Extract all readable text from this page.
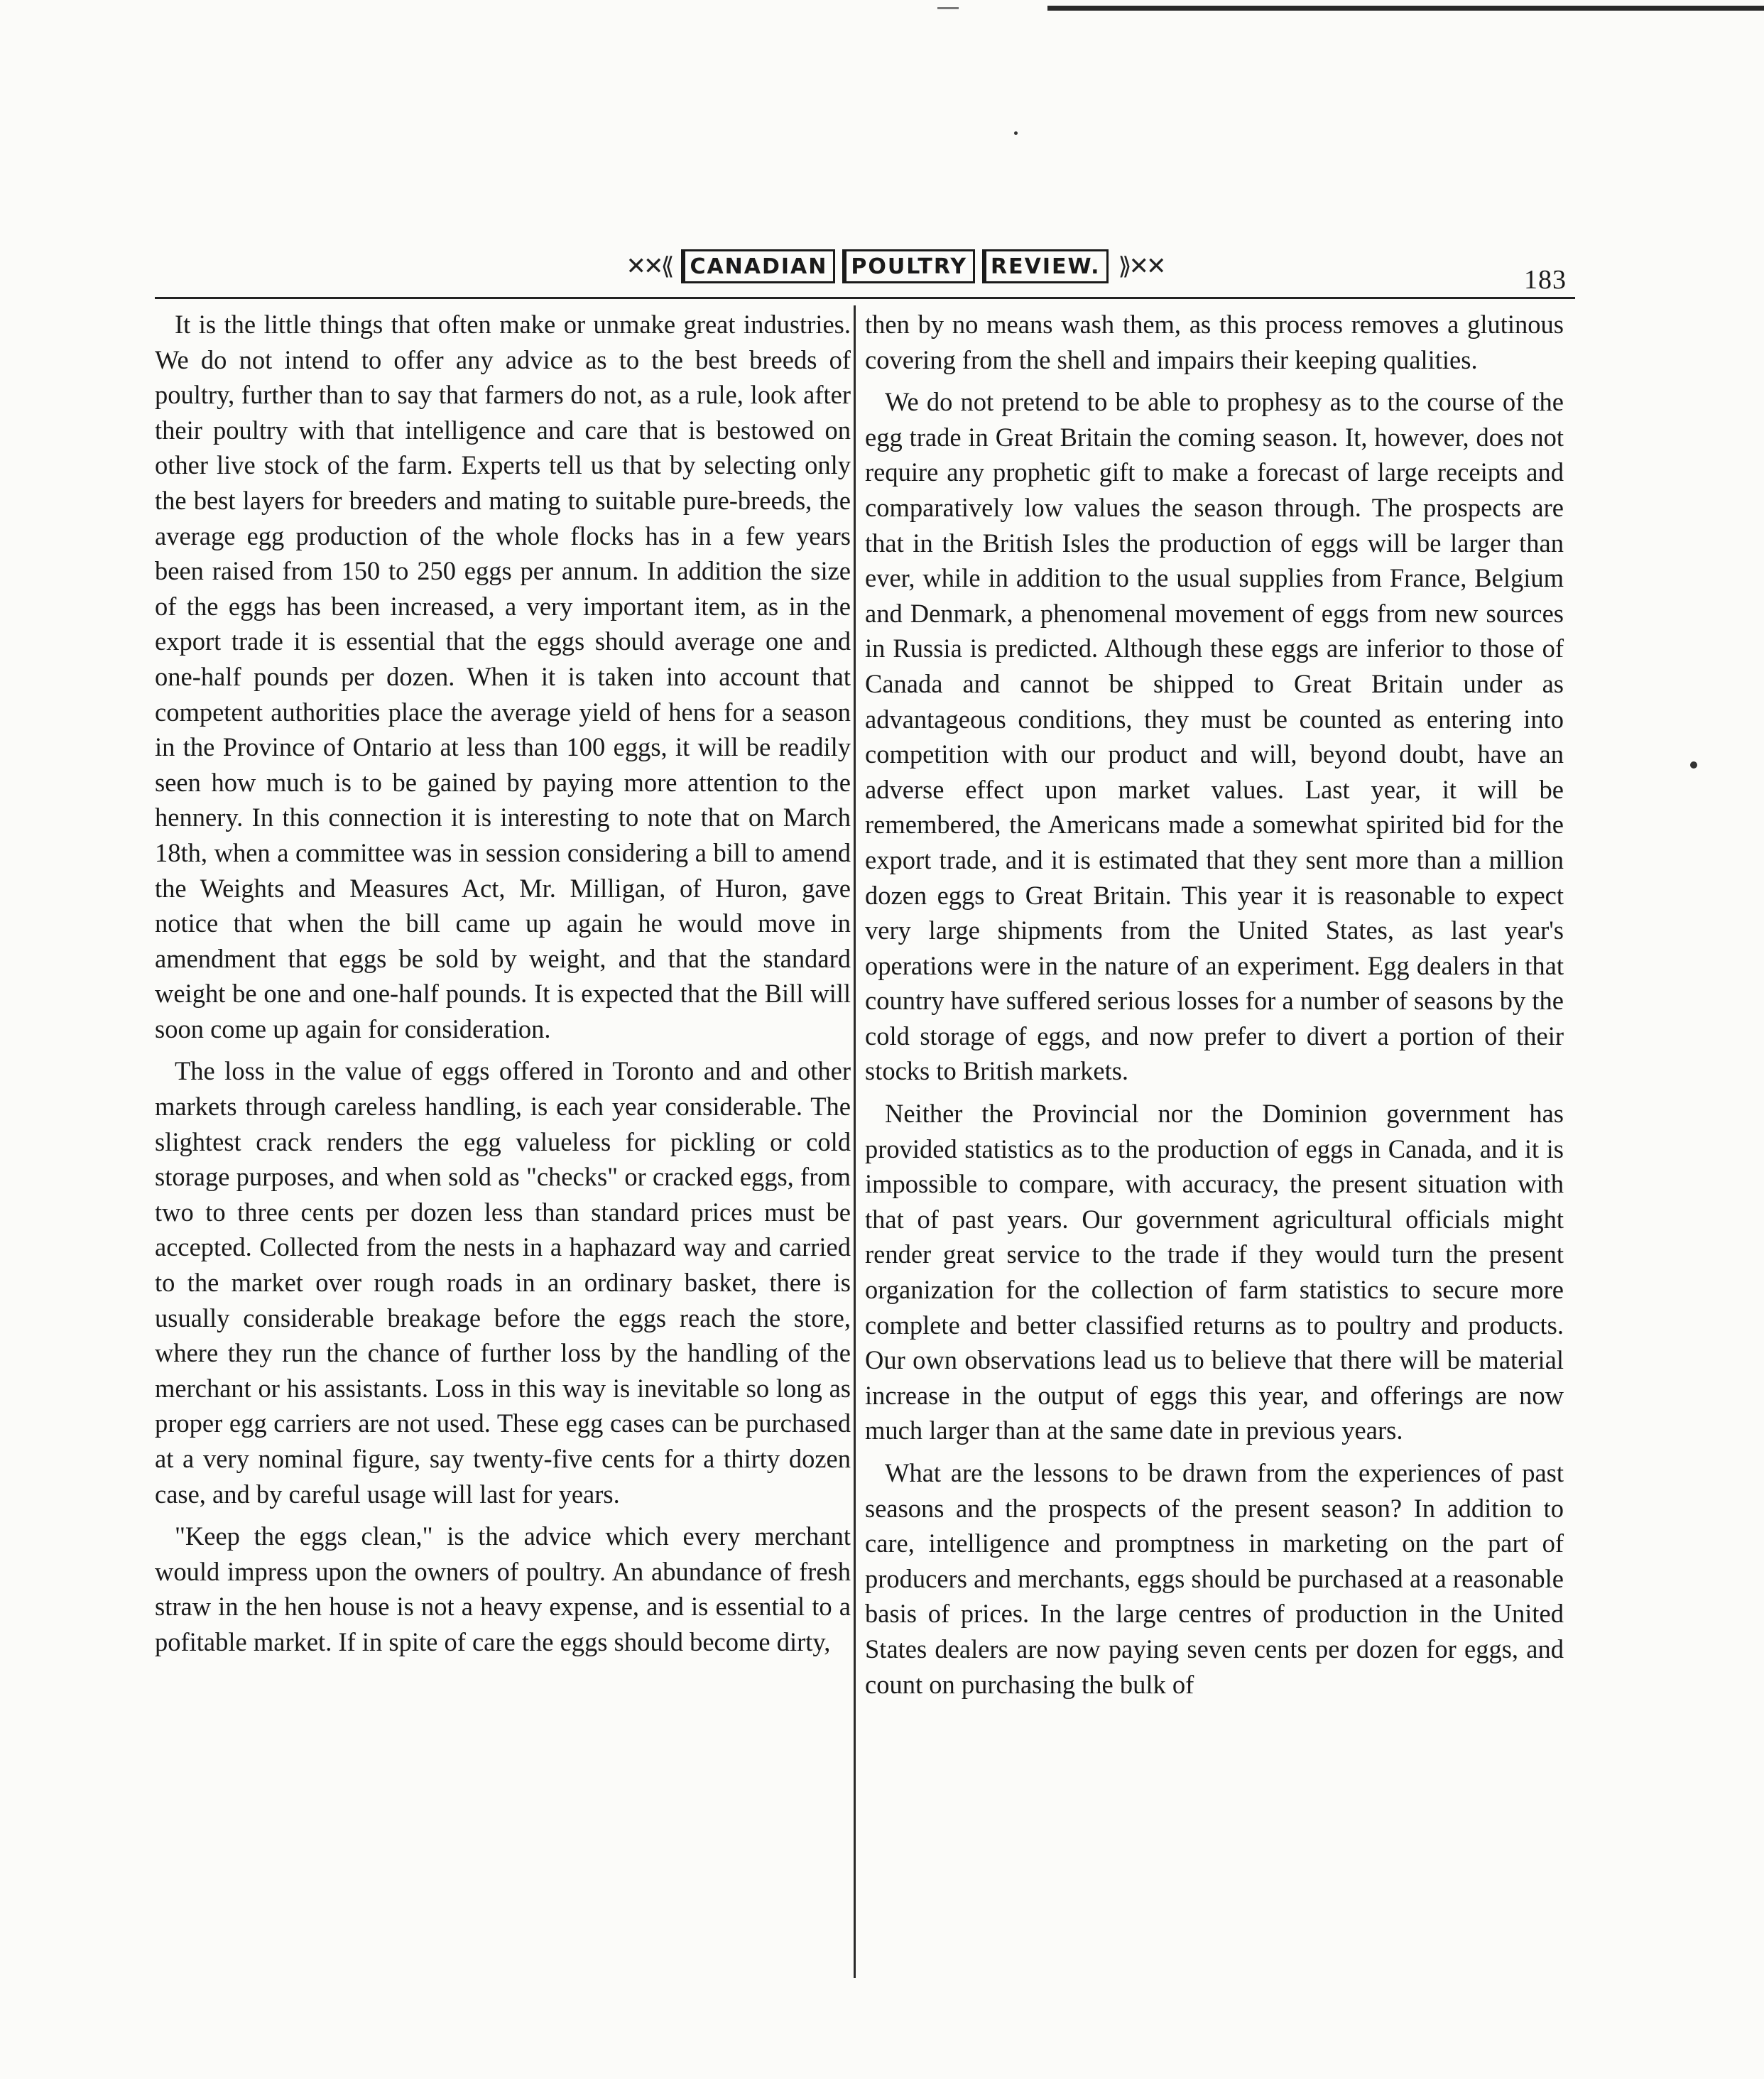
✕✕⟪ CANADIAN	POULTRY	REVIEW. ⟫✕✕	183

It is the little things that often make or unmake great industries. We do not intend to offer any advice as to the best breeds of poultry, further than to say that farmers do not, as a rule, look after their poultry with that intelligence and care that is bestowed on other live stock of the farm. Experts tell us that by selecting only the best layers for breeders and mating to suitable pure-breeds, the average egg production of the whole flocks has in a few years been raised from 150 to 250 eggs per annum. In addition the size of the eggs has been increased, a very important item, as in the export trade it is essential that the eggs should average one and one-half pounds per dozen. When it is taken into account that competent authorities place the average yield of hens for a season in the Province of Ontario at less than 100 eggs, it will be readily seen how much is to be gained by paying more attention to the hennery. In this connection it is interesting to note that on March 18th, when a committee was in session considering a bill to amend the Weights and Measures Act, Mr. Milligan, of Huron, gave notice that when the bill came up again he would move in amendment that eggs be sold by weight, and that the standard weight be one and one-half pounds. It is expected that the Bill will soon come up again for consideration.

The loss in the value of eggs offered in Toronto and and other markets through careless handling, is each year considerable. The slightest crack renders the egg valueless for pickling or cold storage purposes, and when sold as "checks" or cracked eggs, from two to three cents per dozen less than standard prices must be accepted. Collected from the nests in a haphazard way and carried to the market over rough roads in an ordinary basket, there is usually considerable breakage before the eggs reach the store, where they run the chance of further loss by the handling of the merchant or his assistants. Loss in this way is inevitable so long as proper egg carriers are not used. These egg cases can be purchased at a very nominal figure, say twenty-five cents for a thirty dozen case, and by careful usage will last for years.

"Keep the eggs clean," is the advice which every merchant would impress upon the owners of poultry. An abundance of fresh straw in the hen house is not a heavy expense, and is essential to a pofitable market. If in spite of care the eggs should become dirty,

then by no means wash them, as this process removes a glutinous covering from the shell and impairs their keeping qualities.

We do not pretend to be able to prophesy as to the course of the egg trade in Great Britain the coming season. It, however, does not require any prophetic gift to make a forecast of large receipts and comparatively low values the season through. The prospects are that in the British Isles the production of eggs will be larger than ever, while in addition to the usual supplies from France, Belgium and Denmark, a phenomenal movement of eggs from new sources in Russia is predicted. Although these eggs are inferior to those of Canada and cannot be shipped to Great Britain under as advantageous conditions, they must be counted as entering into competition with our product and will, beyond doubt, have an adverse effect upon market values. Last year, it will be remembered, the Americans made a somewhat spirited bid for the export trade, and it is estimated that they sent more than a million dozen eggs to Great Britain. This year it is reasonable to expect very large shipments from the United States, as last year's operations were in the nature of an experiment. Egg dealers in that country have suffered serious losses for a number of seasons by the cold storage of eggs, and now prefer to divert a portion of their stocks to British markets.

Neither the Provincial nor the Dominion government has provided statistics as to the production of eggs in Canada, and it is impossible to compare, with accuracy, the present situation with that of past years. Our government agricultural officials might render great service to the trade if they would turn the present organization for the collection of farm statistics to secure more complete and better classified returns as to poultry and products. Our own observations lead us to believe that there will be material increase in the output of eggs this year, and offerings are now much larger than at the same date in previous years.

What are the lessons to be drawn from the experiences of past seasons and the prospects of the present season? In addition to care, intelligence and promptness in marketing on the part of producers and merchants, eggs should be purchased at a reasonable basis of prices. In the large centres of production in the United States dealers are now paying seven cents per dozen for eggs, and count on purchasing the bulk of
